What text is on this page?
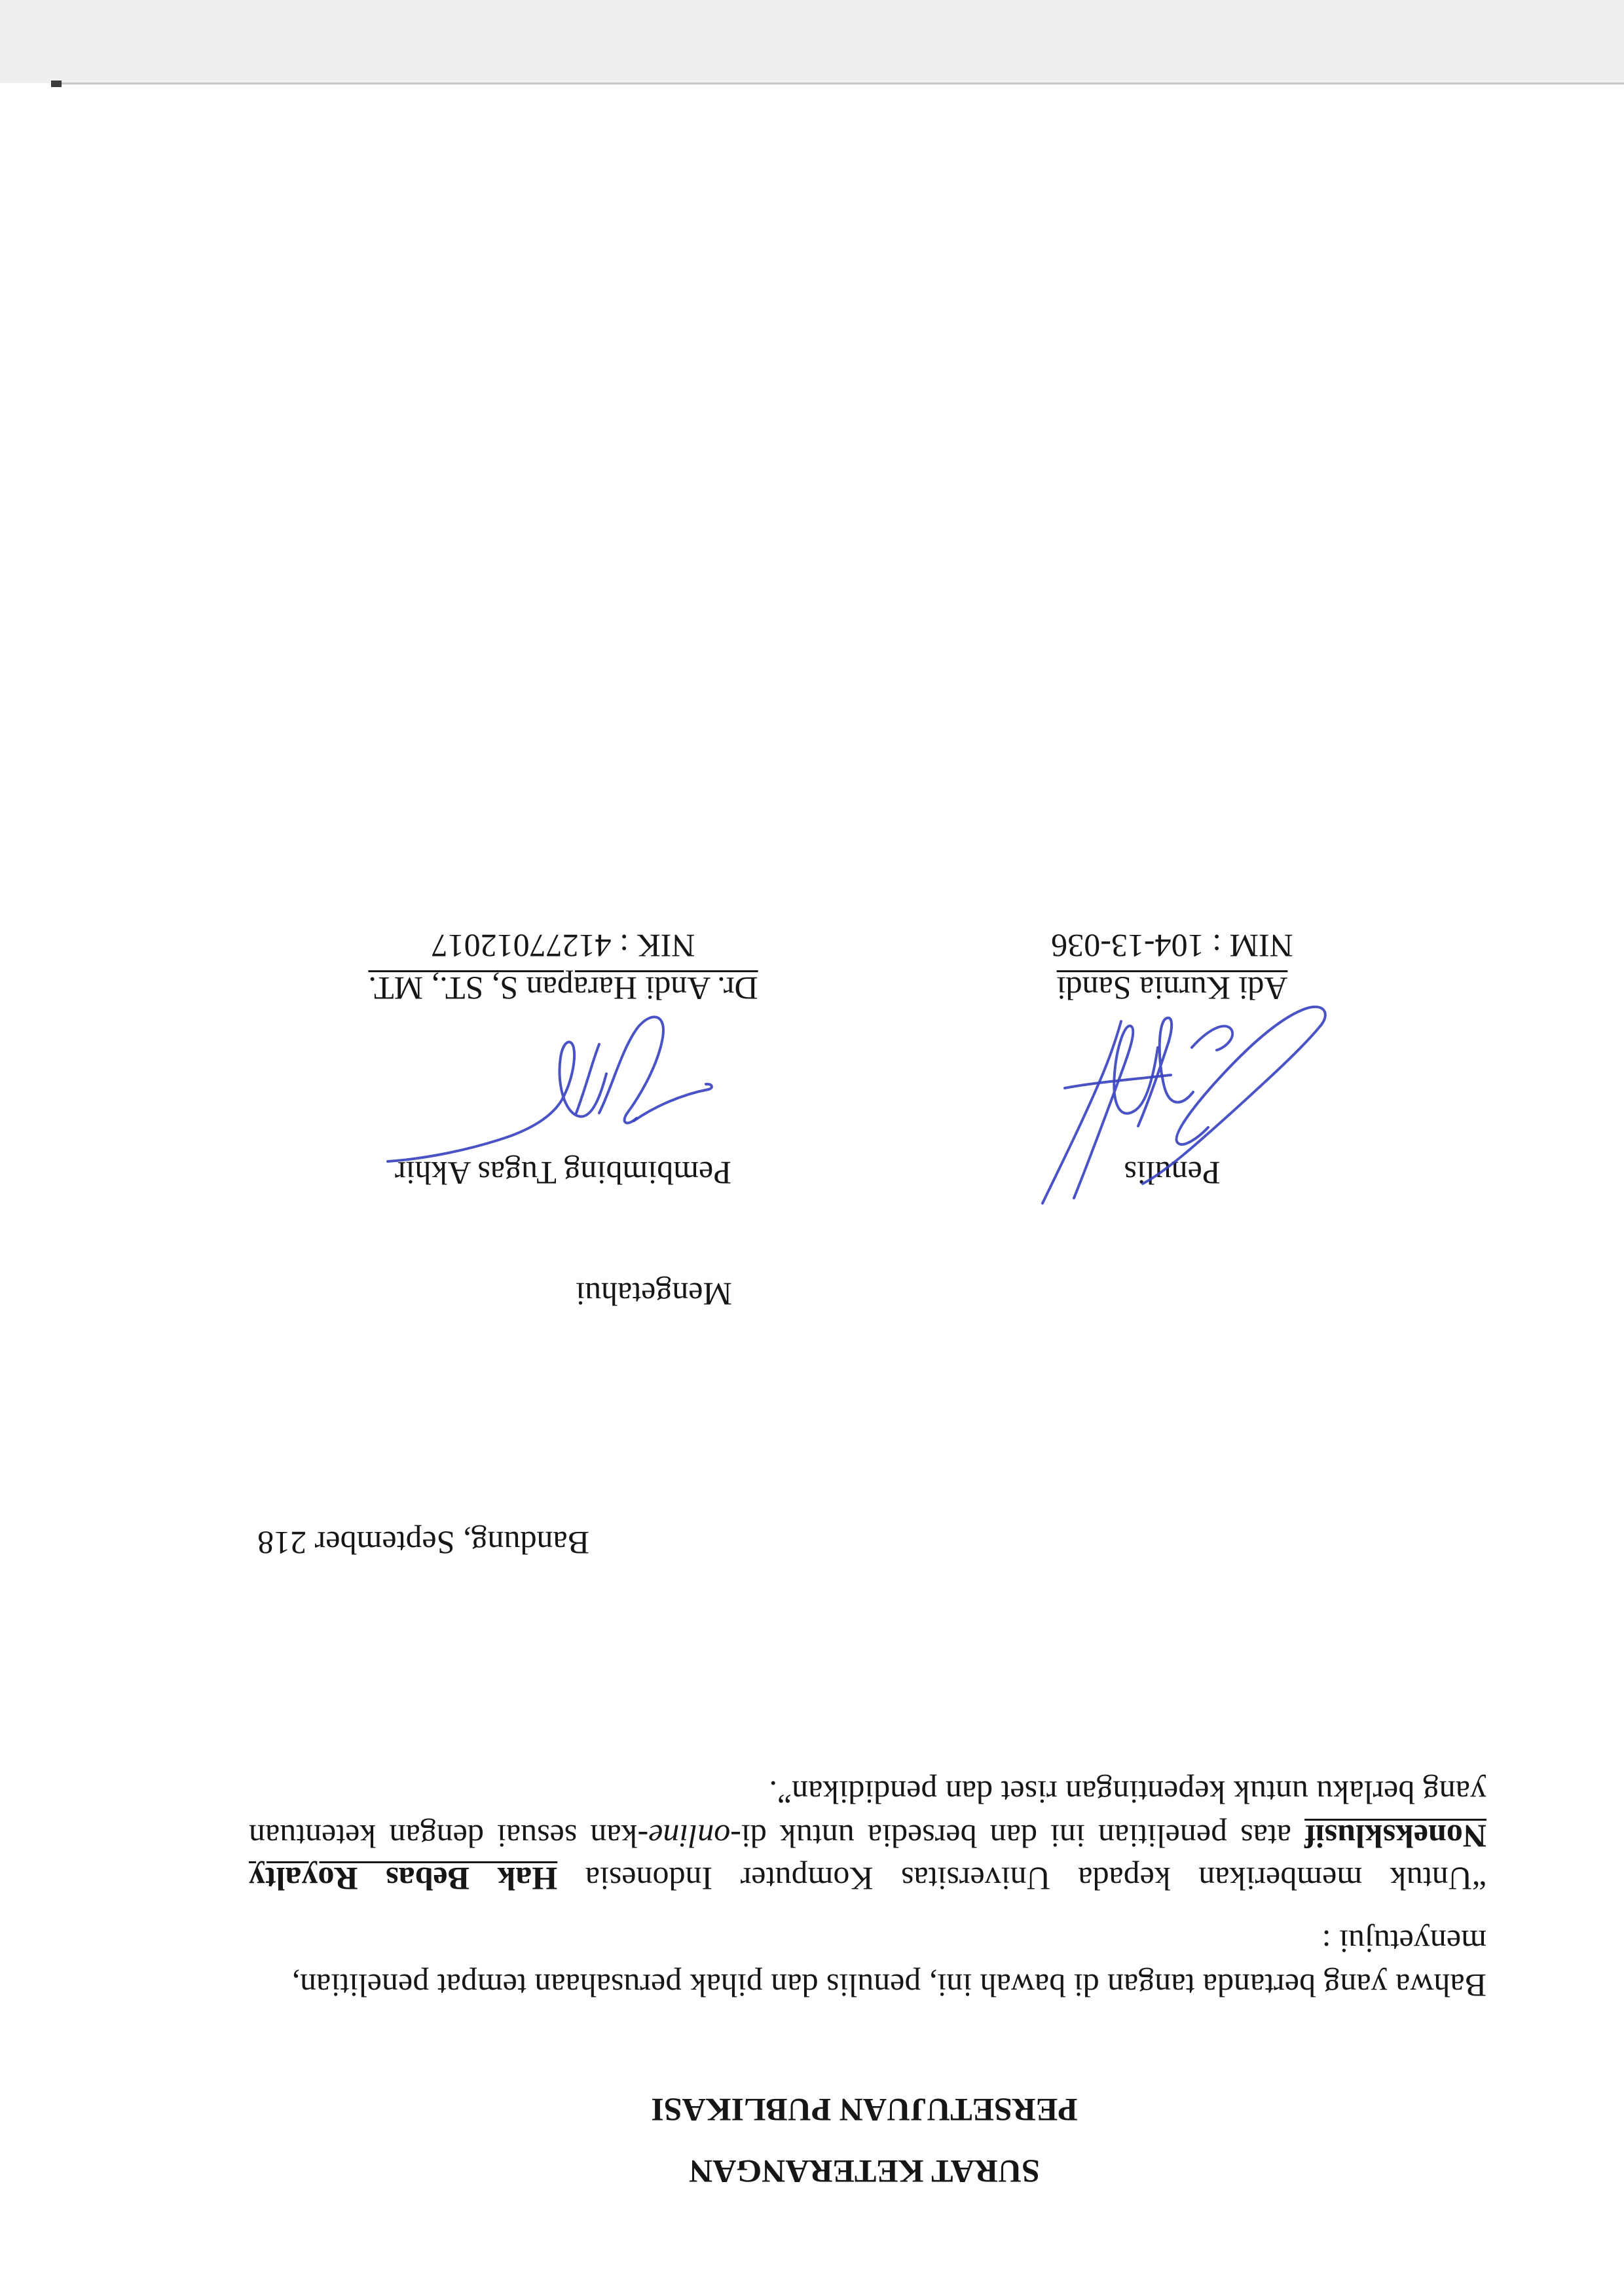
SURAT KETERANGAN
PERSETUJUAN PUBLIKASI
Bahwa yang bertanda tangan di bawah ini, penulis dan pihak perusahaan tempat penelitian,
menyetujui :
“Untuk memberikan kepada Universitas Komputer Indonesia Hak Bebas Royalty
Noneksklusif atas penelitian ini dan bersedia untuk di-online-kan sesuai dengan ketentuan
yang berlaku untuk kepentingan riset dan pendidikan”.
Bandung, September 218
Mengetahui
Penulis
Pembimbing Tugas Akhir
Adi Kurnia Sandi
Dr. Andi Harapan S, ST., MT.
NIM : 104-13-036
NIK : 41277012017
